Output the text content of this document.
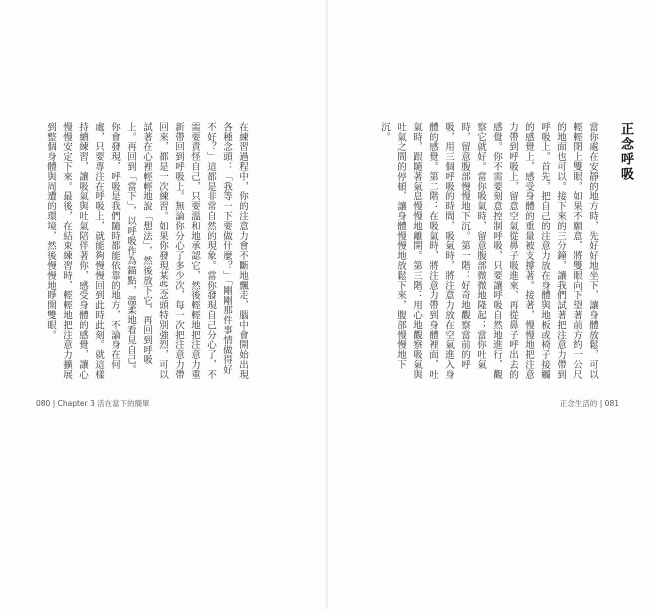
在練習過程中，你的注意力會不斷地飄走，腦中會開始出現各種念頭：「我等一下要做什麼？」「剛剛那件事情做得好不好？」這都是非常自然的現象。當你發現自己分心了，不需要責怪自己，只要溫和地承認它，然後輕輕地把注意力重新帶回到呼吸上。無論你分心了多少次，每一次把注意力帶回來，都是一次練習。如果你發現某些念頭特別強烈，可以試著在心裡輕輕地說「想法」，然後放下它，再回到呼吸上。再回到「當下」，以呼吸作為錨點，溫柔地看見自己。你會發現，呼吸是我們隨時都能依靠的地方，不論身在何處，只要專注在呼吸上，就能夠慢慢回到此時此刻。就這樣持續練習，讓吸氣與吐氣陪伴著你，感受身體的感覺，讓心慢慢安定下來。最後，在結束練習時，輕輕地把注意力擴展到整個身體與周遭的環境，然後慢慢地睜開雙眼。
080 | Chapter 3 活在當下的簡單
正念呼吸
當你處在安靜的地方時，先好好地坐下，讓身體放鬆，可以輕輕閉上雙眼，如果不願意，將雙眼向下望著前方約一公尺的地面也可以。接下來的三分鐘，讓我們試著把注意力帶到呼吸上。首先，把自己的注意力放在身體與地板或椅子接觸的感覺上，感受身體的重量被支撐著。接著，慢慢地把注意力帶到呼吸上，留意空氣從鼻子吸進來、再從鼻子呼出去的感覺。你不需要刻意控制呼吸，只要讓呼吸自然地進行，觀察它就好。當你吸氣時，留意腹部微微地隆起；當你吐氣時，留意腹部慢慢地下沉。第一階：好奇地觀察當前的呼吸，用三個呼吸的時間，吸氣時，將注意力放在空氣進入身體的感覺。第二階：在吸氣時，將注意力帶到身體裡面，吐氣時，跟隨著氣息慢慢地離開。第三階：用心地觀察吸氣與吐氣之間的停頓，讓身體慢慢地放鬆下來，腹部慢慢地下沉。
正念生活的 | 081
